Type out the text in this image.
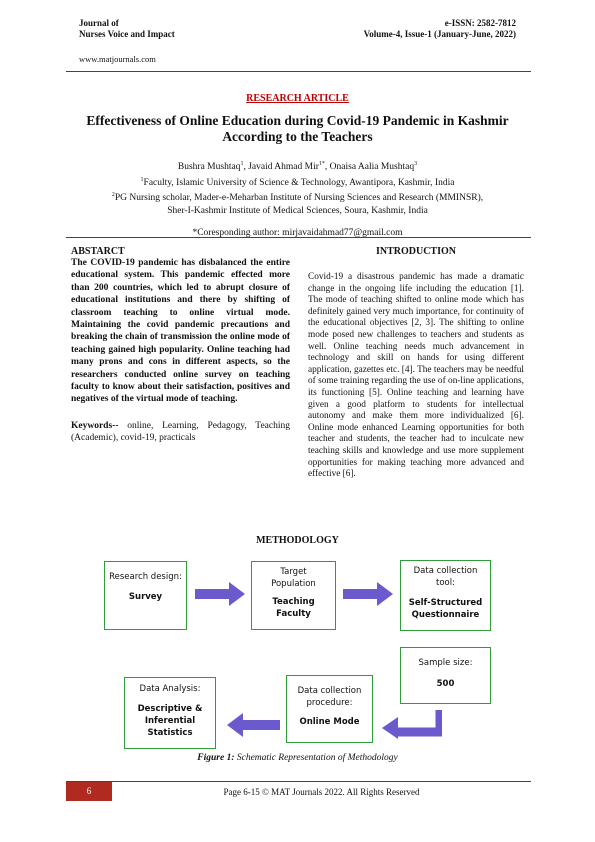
Journal of
Nurses Voice and Impact
e-ISSN: 2582-7812
Volume-4, Issue-1 (January-June, 2022)
www.matjournals.com
RESEARCH ARTICLE
Effectiveness of Online Education during Covid-19 Pandemic in Kashmir
According to the Teachers
Bushra Mushtaq$^1$, Javaid Ahmad Mir$^{1*}$, Onaisa Aalia Mushtaq$^3$
$^1$Faculty, Islamic University of Science & Technology, Awantipora, Kashmir, India
$^2$PG Nursing scholar, Mader-e-Meharban Institute of Nursing Sciences and Research (MMINSR),
Sher-I-Kashmir Institute of Medical Sciences, Soura, Kashmir, India
*Coresponding author: mirjavaidahmad77@gmail.com
ABSTARCT
The COVID-19 pandemic has disbalanced the entire educational system. This pandemic effected more than 200 countries, which led to abrupt closure of educational institutions and there by shifting of classroom teaching to online virtual mode. Maintaining the covid pandemic precautions and breaking the chain of transmission the online mode of teaching gained high popularity. Online teaching had many prons and cons in different aspects, so the researchers conducted online survey on teaching faculty to know about their satisfaction, positives and negatives of the virtual mode of teaching.
Keywords-- online, Learning, Pedagogy, Teaching (Academic), covid-19, practicals
INTRODUCTION
Covid-19 a disastrous pandemic has made a dramatic change in the ongoing life including the education [1]. The mode of teaching shifted to online mode which has definitely gained very much importance, for continuity of the educational objectives [2, 3]. The shifting to online mode posed new challenges to teachers and students as well. Online teaching needs much advancement in technology and skill on hands for using different application, gazettes etc. [4]. The teachers may be needful of some training regarding the use of on-line applications, its functioning [5]. Online teaching and learning have given a good platform to students for intellectual autonomy and make them more individualized [6]. Online mode enhanced Learning opportunities for both teacher and students, the teacher had to inculcate new teaching skills and knowledge and use more supplement opportunities for making teaching more advanced and effective [6].
METHODOLOGY
Research design:
Survey
Target Population
Teaching Faculty
Data collection tool:
Self-Structured Questionnaire
Sample size:
500
Data collection procedure:
Online Mode
Data Analysis:
Descriptive & Inferential Statistics
Figure 1: Schematic Representation of Methodology
6	Page 6-15 © MAT Journals 2022. All Rights Reserved
